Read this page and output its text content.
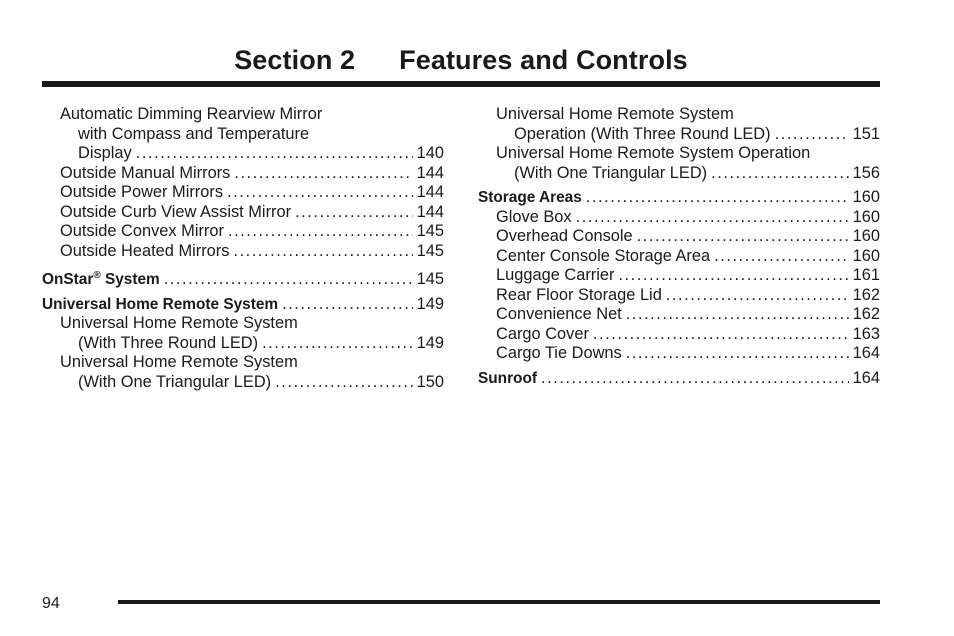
Section 2 Features and Controls
Automatic Dimming Rearview Mirror
with Compass and Temperature
Display . . .	140
Outside Manual Mirrors . . .	144
Outside Power Mirrors . . .	144
Outside Curb View Assist Mirror . . .	144
Outside Convex Mirror . . .	145
Outside Heated Mirrors . . .	145
OnStar® System . . .	145
Universal Home Remote System . . .	149
Universal Home Remote System
(With Three Round LED) . . .	149
Universal Home Remote System
(With One Triangular LED) . . .	150
Universal Home Remote System
Operation (With Three Round LED) . . .	151
Universal Home Remote System Operation
(With One Triangular LED) . . .	156
Storage Areas . . .	160
Glove Box . . .	160
Overhead Console . . .	160
Center Console Storage Area . . .	160
Luggage Carrier . . .	161
Rear Floor Storage Lid . . .	162
Convenience Net . . .	162
Cargo Cover . . .	163
Cargo Tie Downs . . .	164
Sunroof . . .	164
94
